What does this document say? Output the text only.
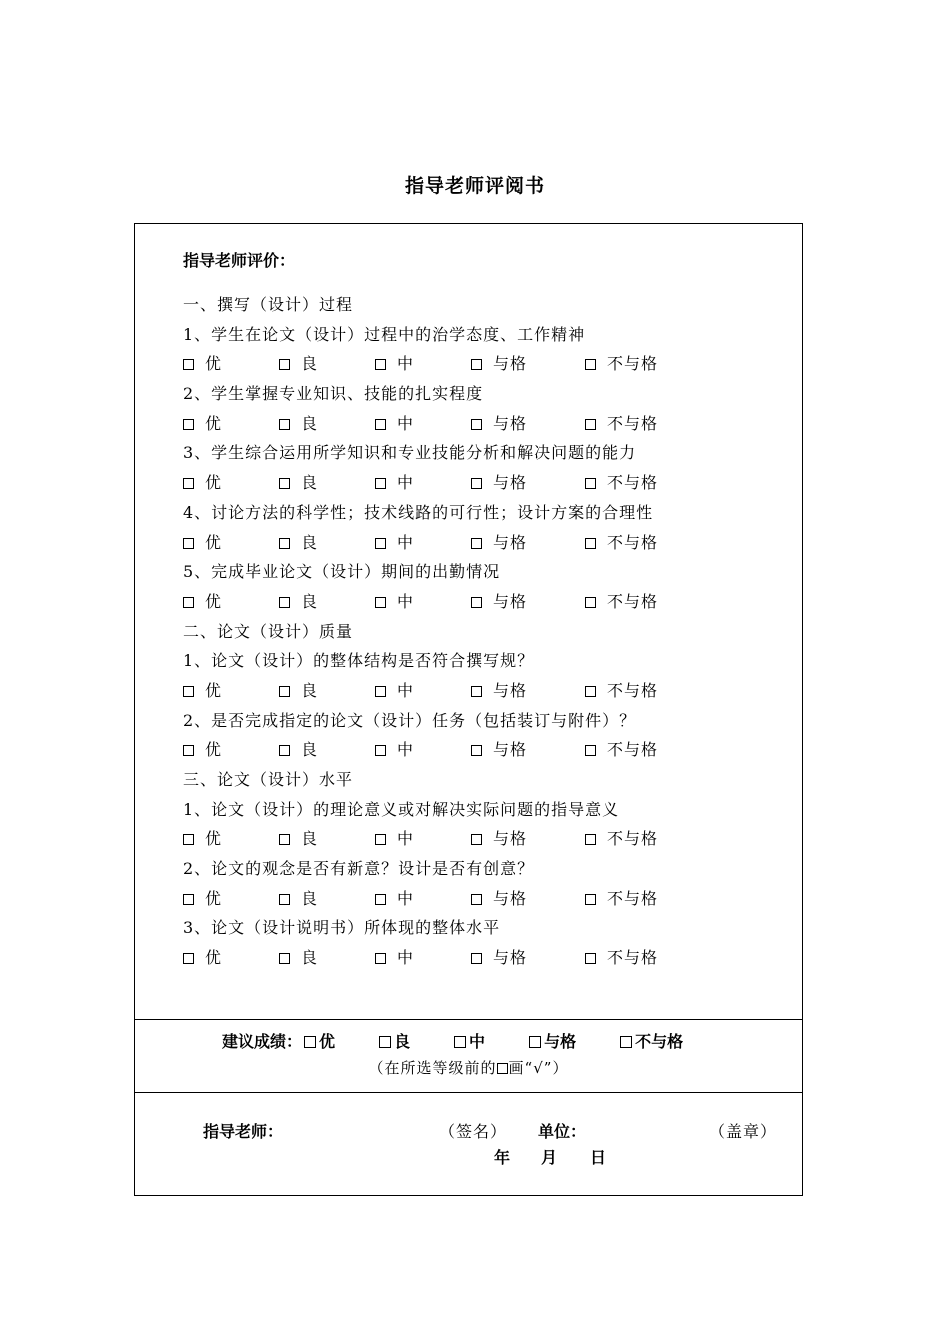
指导老师评阅书
指导老师评价：
一、撰写（设计）过程
1、学生在论文（设计）过程中的治学态度、工作精神
优	良	中	与格	不与格
2、学生掌握专业知识、技能的扎实程度
优	良	中	与格	不与格
3、学生综合运用所学知识和专业技能分析和解决问题的能力
优	良	中	与格	不与格
4、讨论方法的科学性；技术线路的可行性；设计方案的合理性
优	良	中	与格	不与格
5、完成毕业论文（设计）期间的出勤情况
优	良	中	与格	不与格
二、论文（设计）质量
1、论文（设计）的整体结构是否符合撰写规？
优	良	中	与格	不与格
2、是否完成指定的论文（设计）任务（包括装订与附件）？
优	良	中	与格	不与格
三、论文（设计）水平
1、论文（设计）的理论意义或对解决实际问题的指导意义
优	良	中	与格	不与格
2、论文的观念是否有新意？设计是否有创意？
优	良	中	与格	不与格
3、论文（设计说明书）所体现的整体水平
优	良	中	与格	不与格
建议成绩： 优	良	中	与格	不与格
（在所选等级前的 画“√”）
指导老师：	（签名） 单位：	（盖章）
年 月 日
